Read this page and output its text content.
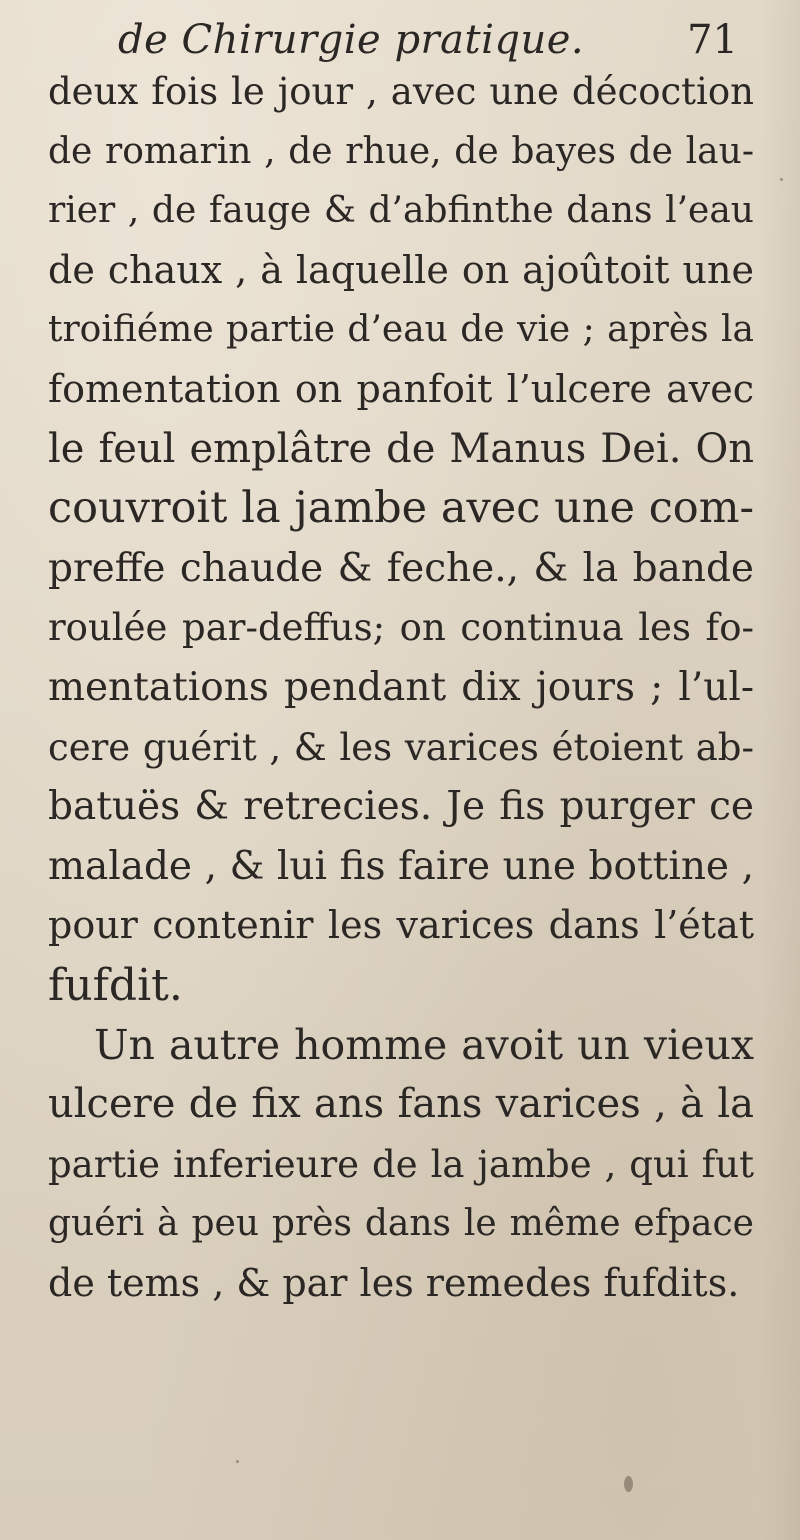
de Chirurgie pratique.	71
deux fois le jour , avec une décoction
de romarin , de rhue, de bayes de lau-
rier , de fauge & d’abfinthe dans l’eau
de chaux , à laquelle on ajoûtoit une
troifiéme partie d’eau de vie ; après la
fomentation on panfoit l’ulcere avec
le feul emplâtre de Manus Dei. On
couvroit la jambe avec une com-
preffe chaude & feche., & la bande
roulée par-deffus; on continua les fo-
mentations pendant dix jours ; l’ul-
cere guérit , & les varices étoient ab-
batuës & retrecies. Je fis purger ce
malade , & lui fis faire une bottine ,
pour contenir les varices dans l’état
fufdit.
Un autre homme avoit un vieux
ulcere de fix ans fans varices , à la
partie inferieure de la jambe , qui fut
guéri à peu près dans le même efpace
de tems , & par les remedes fufdits.
